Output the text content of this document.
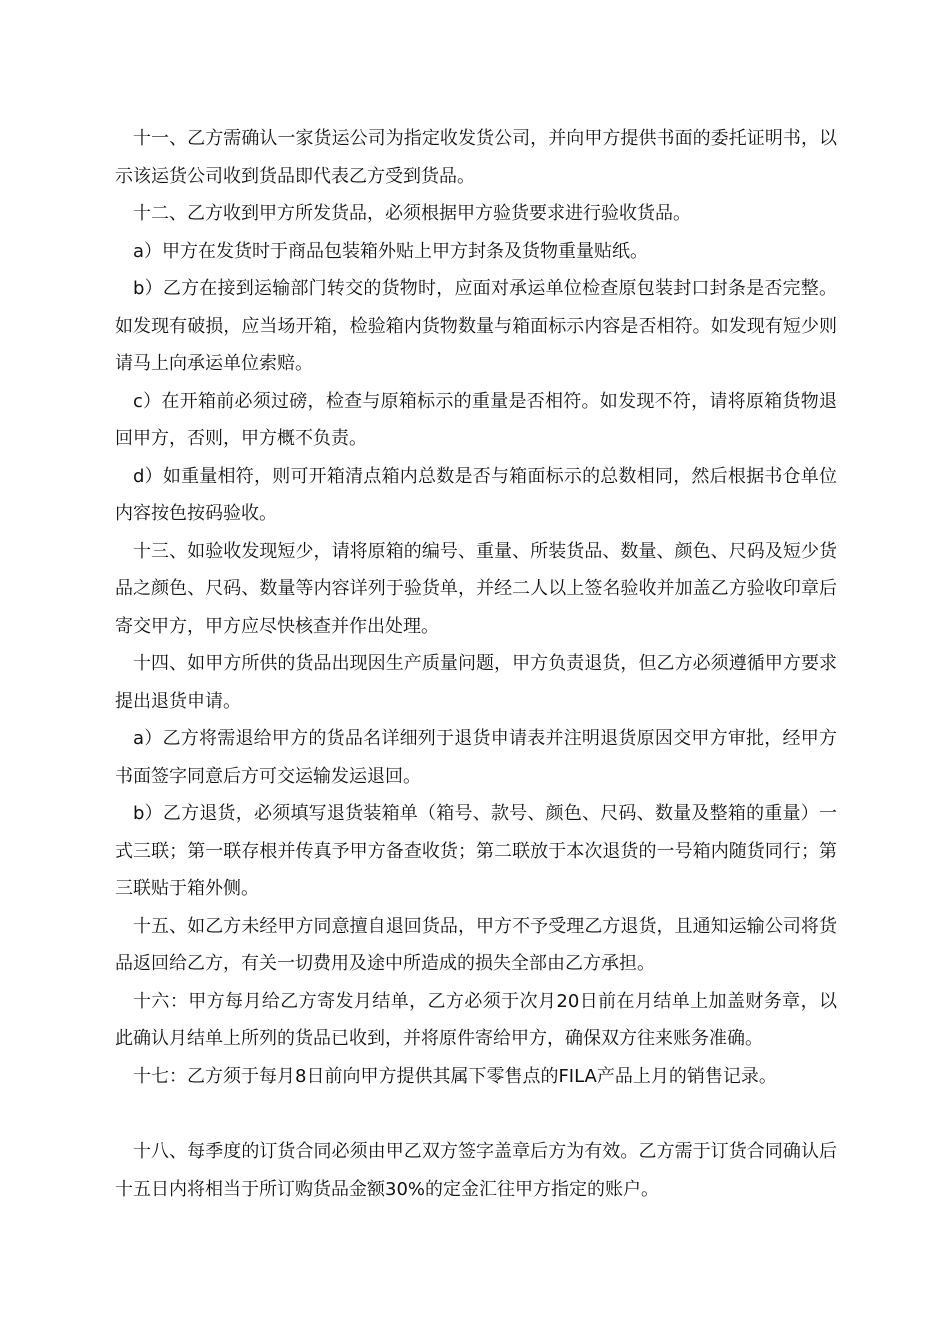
十一、乙方需确认一家货运公司为指定收发货公司，并向甲方提供书面的委托证明书，以示该运货公司收到货品即代表乙方受到货品。

十二、乙方收到甲方所发货品，必须根据甲方验货要求进行验收货品。

a）甲方在发货时于商品包装箱外贴上甲方封条及货物重量贴纸。

b）乙方在接到运输部门转交的货物时，应面对承运单位检查原包装封口封条是否完整。如发现有破损，应当场开箱，检验箱内货物数量与箱面标示内容是否相符。如发现有短少则请马上向承运单位索赔。

c）在开箱前必须过磅，检查与原箱标示的重量是否相符。如发现不符，请将原箱货物退回甲方，否则，甲方概不负责。

d）如重量相符，则可开箱清点箱内总数是否与箱面标示的总数相同，然后根据书仓单位内容按色按码验收。

十三、如验收发现短少，请将原箱的编号、重量、所装货品、数量、颜色、尺码及短少货品之颜色、尺码、数量等内容详列于验货单，并经二人以上签名验收并加盖乙方验收印章后寄交甲方，甲方应尽快核查并作出处理。

十四、如甲方所供的货品出现因生产质量问题，甲方负责退货，但乙方必须遵循甲方要求提出退货申请。

a）乙方将需退给甲方的货品名详细列于退货申请表并注明退货原因交甲方审批，经甲方书面签字同意后方可交运输发运退回。

b）乙方退货，必须填写退货装箱单（箱号、款号、颜色、尺码、数量及整箱的重量）一式三联；第一联存根并传真予甲方备查收货；第二联放于本次退货的一号箱内随货同行；第三联贴于箱外侧。

十五、如乙方未经甲方同意擅自退回货品，甲方不予受理乙方退货，且通知运输公司将货品返回给乙方，有关一切费用及途中所造成的损失全部由乙方承担。

十六：甲方每月给乙方寄发月结单，乙方必须于次月20日前在月结单上加盖财务章，以此确认月结单上所列的货品已收到，并将原件寄给甲方，确保双方往来账务准确。

十七：乙方须于每月8日前向甲方提供其属下零售点的FILA产品上月的销售记录。

十八、每季度的订货合同必须由甲乙双方签字盖章后方为有效。乙方需于订货合同确认后十五日内将相当于所订购货品金额30%的定金汇往甲方指定的账户。
